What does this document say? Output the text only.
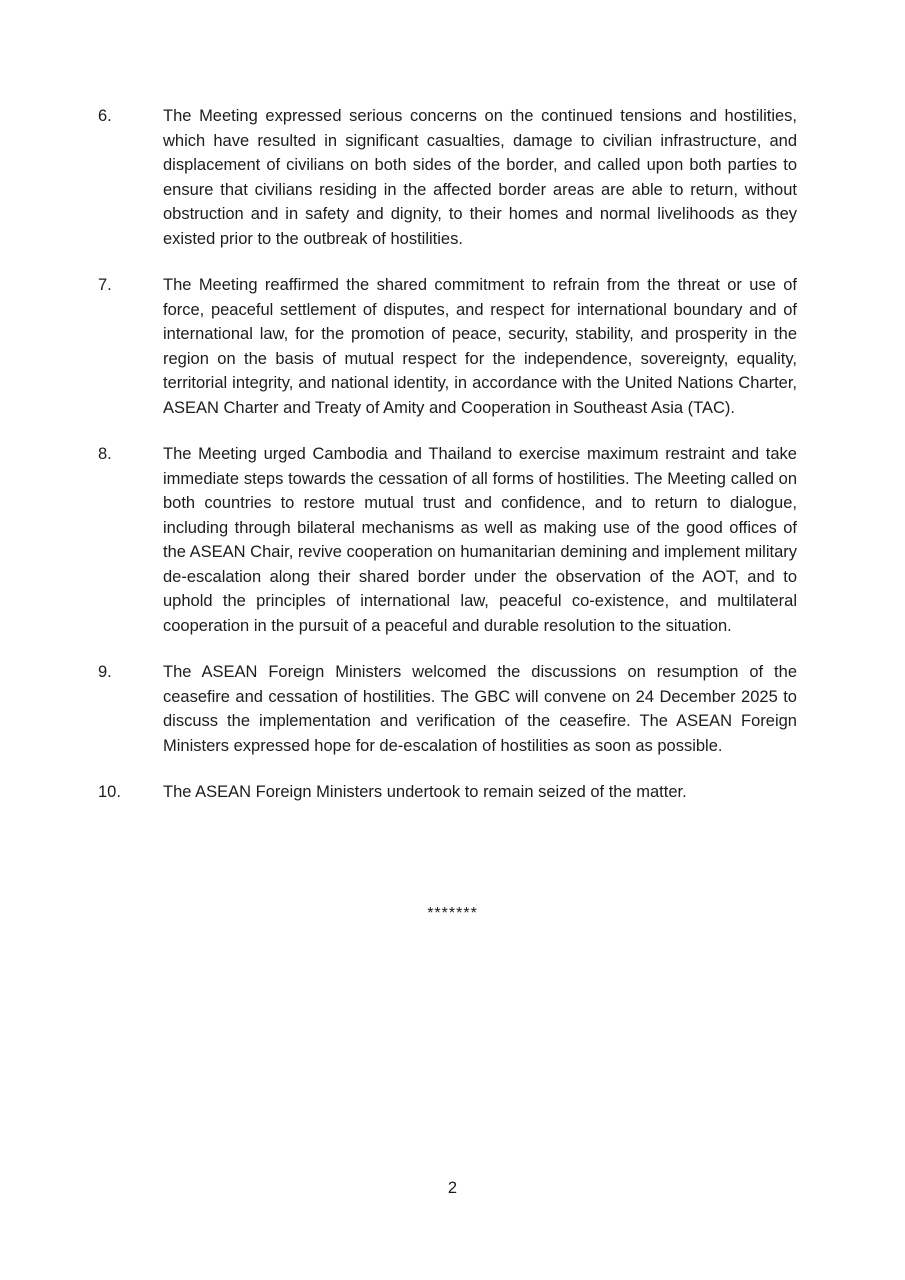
6.	The Meeting expressed serious concerns on the continued tensions and hostilities, which have resulted in significant casualties, damage to civilian infrastructure, and displacement of civilians on both sides of the border, and called upon both parties to ensure that civilians residing in the affected border areas are able to return, without obstruction and in safety and dignity, to their homes and normal livelihoods as they existed prior to the outbreak of hostilities.
7.	The Meeting reaffirmed the shared commitment to refrain from the threat or use of force, peaceful settlement of disputes, and respect for international boundary and of international law, for the promotion of peace, security, stability, and prosperity in the region on the basis of mutual respect for the independence, sovereignty, equality, territorial integrity, and national identity, in accordance with the United Nations Charter, ASEAN Charter and Treaty of Amity and Cooperation in Southeast Asia (TAC).
8.	The Meeting urged Cambodia and Thailand to exercise maximum restraint and take immediate steps towards the cessation of all forms of hostilities. The Meeting called on both countries to restore mutual trust and confidence, and to return to dialogue, including through bilateral mechanisms as well as making use of the good offices of the ASEAN Chair, revive cooperation on humanitarian demining and implement military de-escalation along their shared border under the observation of the AOT, and to uphold the principles of international law, peaceful co-existence, and multilateral cooperation in the pursuit of a peaceful and durable resolution to the situation.
9.	The ASEAN Foreign Ministers welcomed the discussions on resumption of the ceasefire and cessation of hostilities. The GBC will convene on 24 December 2025 to discuss the implementation and verification of the ceasefire. The ASEAN Foreign Ministers expressed hope for de-escalation of hostilities as soon as possible.
10.	The ASEAN Foreign Ministers undertook to remain seized of the matter.
*******
2
